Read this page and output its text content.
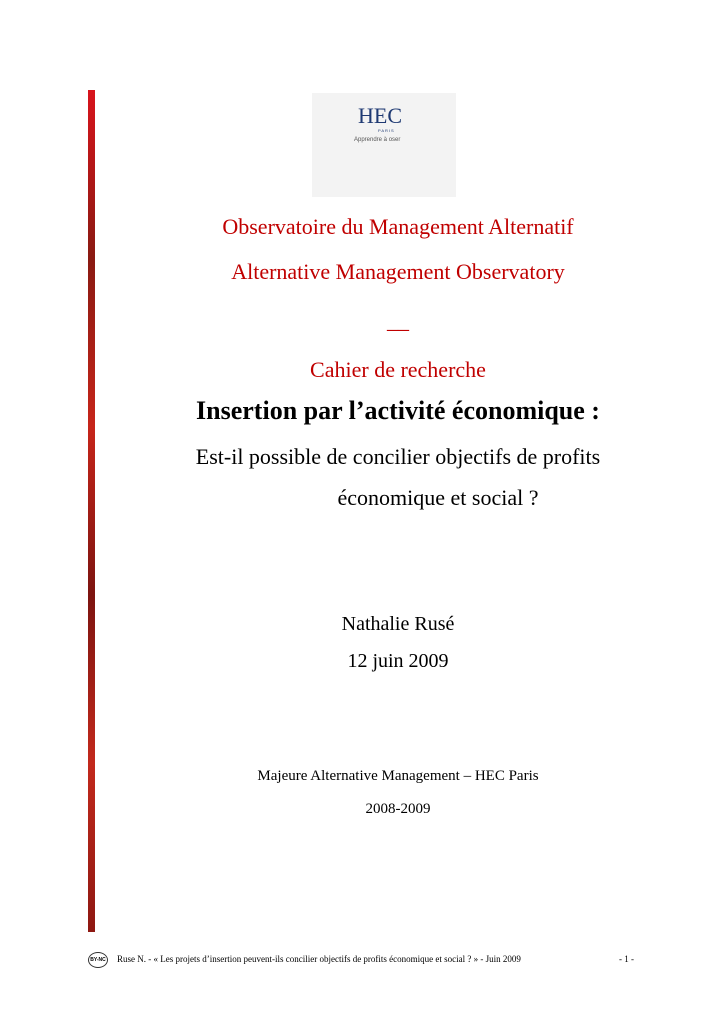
HEC
PARIS
Apprendre à oser
Observatoire du Management Alternatif
Alternative Management Observatory
__
Cahier de recherche
Insertion par l’activité économique :
Est-il possible de concilier objectifs de profits
économique et social ?
Nathalie Rusé
12 juin 2009
Majeure Alternative Management – HEC Paris
2008-2009
BY-NC Ruse N. - « Les projets d’insertion peuvent-ils concilier objectifs de profits économique et social ? » - Juin 2009	- 1 -
